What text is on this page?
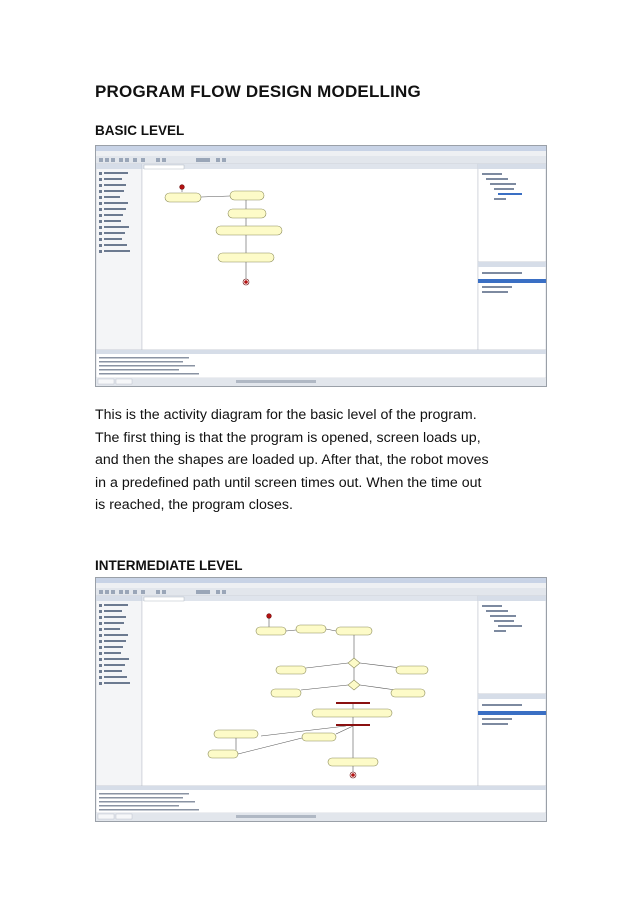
PROGRAM FLOW DESIGN MODELLING
BASIC LEVEL
This is the activity diagram for the basic level of the program.
The first thing is that the program is opened, screen loads up,
and then the shapes are loaded up. After that, the robot moves
in a predefined path until screen times out. When the time out
is reached, the program closes.
INTERMEDIATE LEVEL
